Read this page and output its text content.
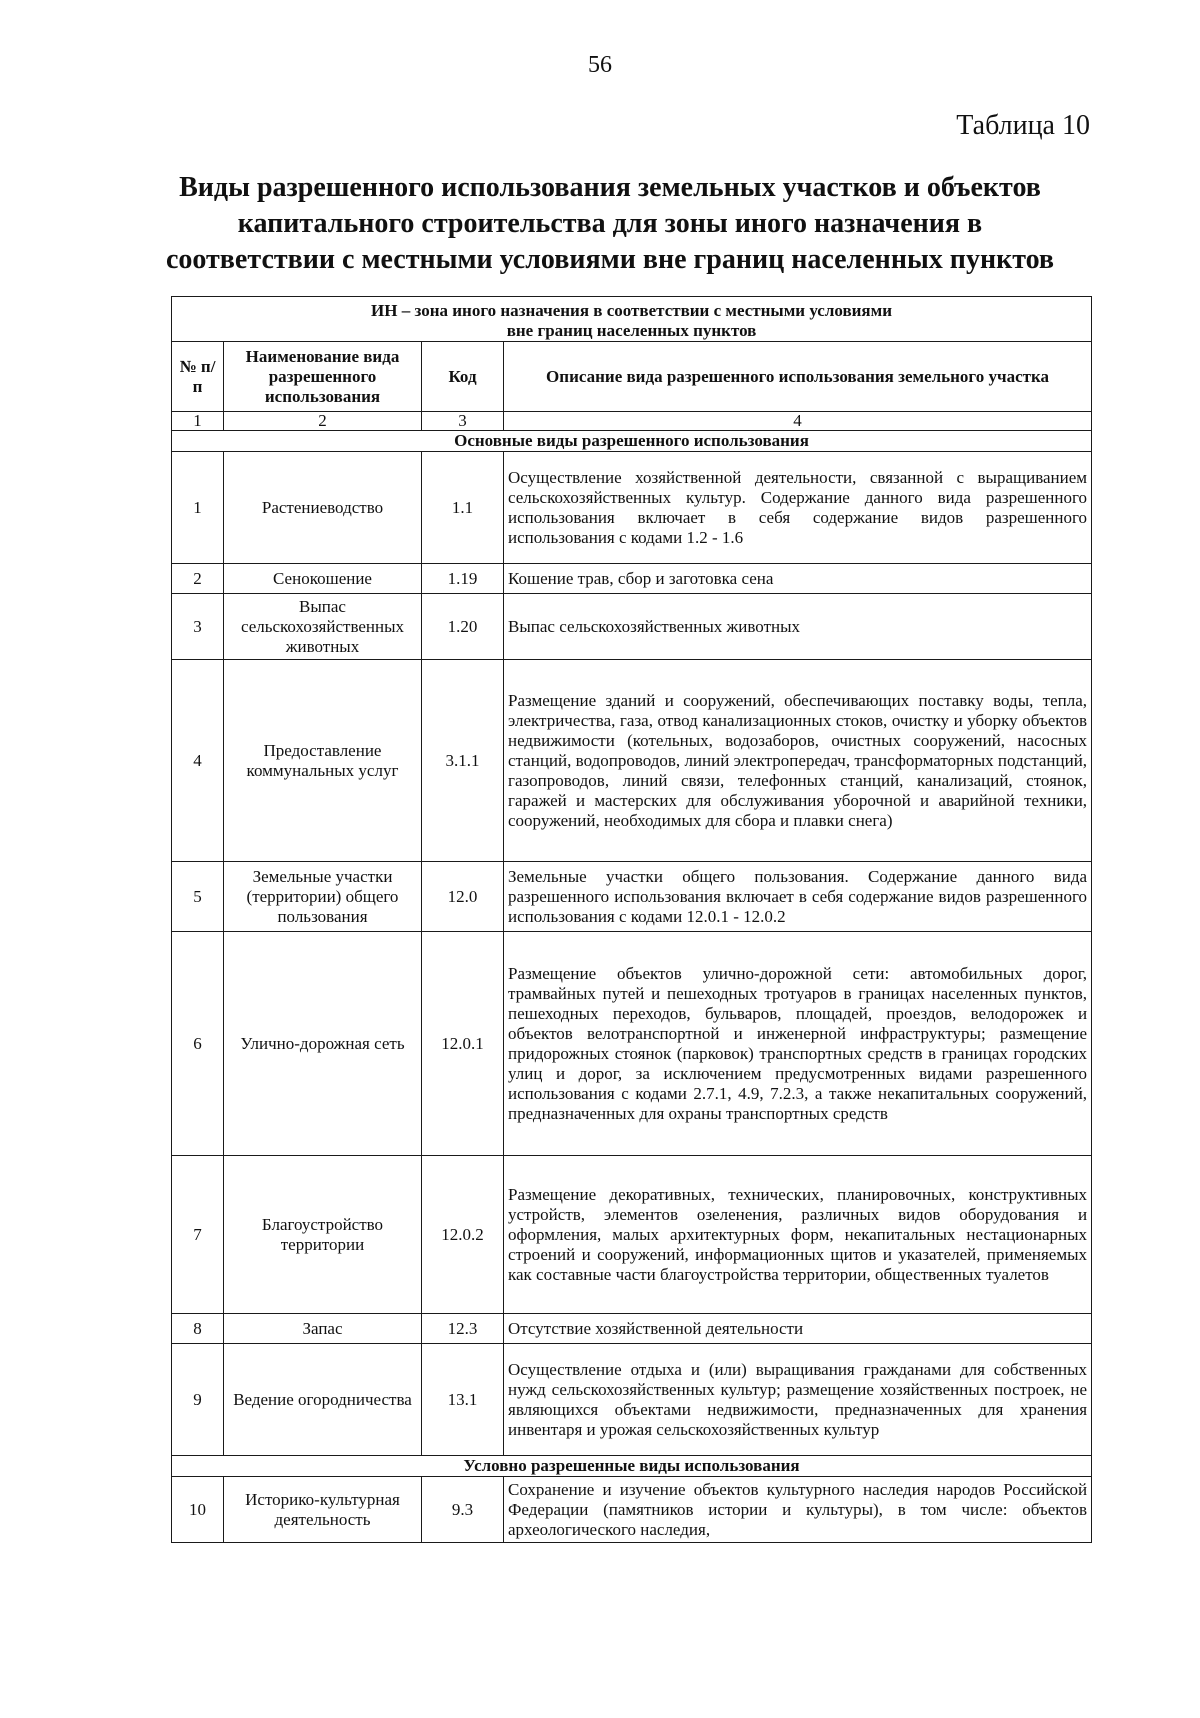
56
Таблица 10
Виды разрешенного использования земельных участков и объектов капитального строительства для зоны иного назначения в соответствии с местными условиями вне границ населенных пунктов
ИН – зона иного назначения в соответствии с местными условиями
вне границ населенных пунктов			

№ п/п	Наименование вида разрешенного использования	Код	Описание вида разрешенного использования земельного участка
1	2	3	4
Основные виды разрешенного использования			
1	Растениеводство	1.1	Осуществление хозяйственной деятельности, связанной с выращиванием сельскохозяйственных культур. Содержание данного вида разрешенного использования включает в себя содержание видов разрешенного использования с кодами 1.2 - 1.6
2	Сенокошение	1.19	Кошение трав, сбор и заготовка сена
3	Выпас сельскохозяйственных животных	1.20	Выпас сельскохозяйственных животных
4	Предоставление коммунальных услуг	3.1.1	Размещение зданий и сооружений, обеспечивающих поставку воды, тепла, электричества, газа, отвод канализационных стоков, очистку и уборку объектов недвижимости (котельных, водозаборов, очистных сооружений, насосных станций, водопроводов, линий электропередач, трансформаторных подстанций, газопроводов, линий связи, телефонных станций, канализаций, стоянок, гаражей и мастерских для обслуживания уборочной и аварийной техники, сооружений, необходимых для сбора и плавки снега)
5	Земельные участки (территории) общего пользования	12.0	Земельные участки общего пользования. Содержание данного вида разрешенного использования включает в себя содержание видов разрешенного использования с кодами 12.0.1 - 12.0.2
6	Улично-дорожная сеть	12.0.1	Размещение объектов улично-дорожной сети: автомобильных дорог, трамвайных путей и пешеходных тротуаров в границах населенных пунктов, пешеходных переходов, бульваров, площадей, проездов, велодорожек и объектов велотранспортной и инженерной инфраструктуры; размещение придорожных стоянок (парковок) транспортных средств в границах городских улиц и дорог, за исключением предусмотренных видами разрешенного использования с кодами 2.7.1, 4.9, 7.2.3, а также некапитальных сооружений, предназначенных для охраны транспортных средств
7	Благоустройство территории	12.0.2	Размещение декоративных, технических, планировочных, конструктивных устройств, элементов озеленения, различных видов оборудования и оформления, малых архитектурных форм, некапитальных нестационарных строений и сооружений, информационных щитов и указателей, применяемых как составные части благоустройства территории, общественных туалетов
8	Запас	12.3	Отсутствие хозяйственной деятельности
9	Ведение огородничества	13.1	Осуществление отдыха и (или) выращивания гражданами для собственных нужд сельскохозяйственных культур; размещение хозяйственных построек, не являющихся объектами недвижимости, предназначенных для хранения инвентаря и урожая сельскохозяйственных культур
Условно разрешенные виды использования			
10	Историко-культурная деятельность	9.3	Сохранение и изучение объектов культурного наследия народов Российской Федерации (памятников истории и культуры), в том числе: объектов археологического наследия,
